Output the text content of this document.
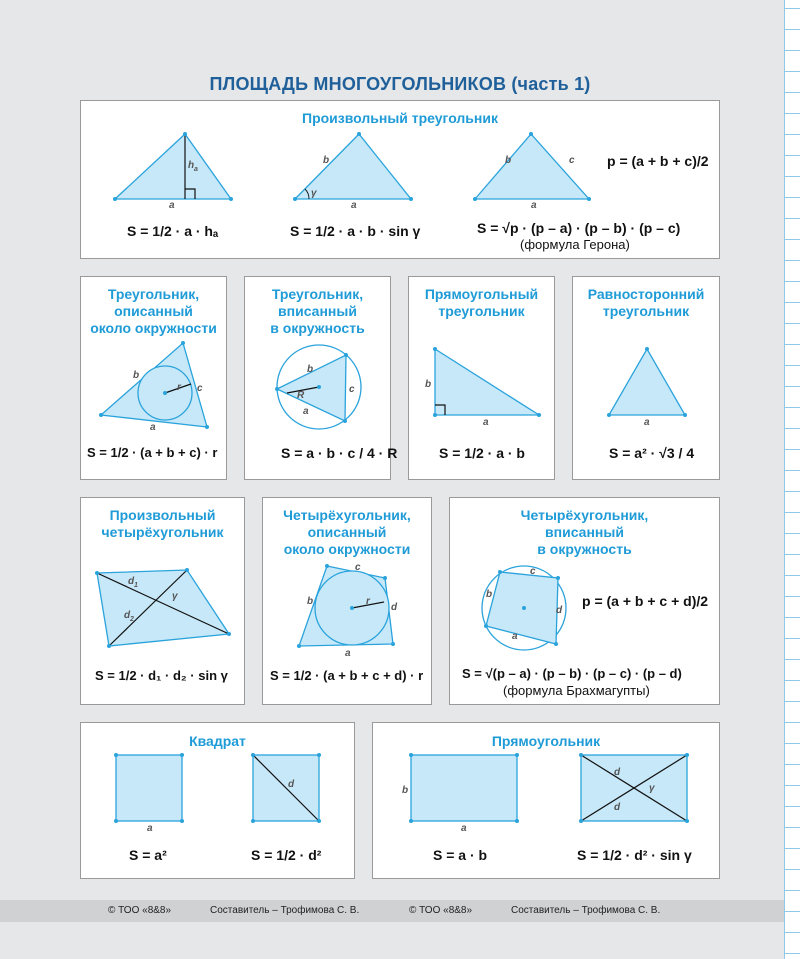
ПЛОЩАДЬ МНОГОУГОЛЬНИКОВ (часть 1)
Произвольный треугольник
a
h a
a
b
γ
a
b	c
S = 1/2 · a · hₐ	S = 1/2 · a · b · sin γ
p = (a + b + c)/2
S = √p · (p – a) · (p – b) · (p – c)
(формула Герона)
Треугольник,
описанный
около окружности
b
r c
a
S = 1/2 · (a + b + c) · r
Треугольник,
вписанный
в окружность
b
R
c
a
S = a · b · c / 4 · R
Прямоугольный
треугольник
b
a
S = 1/2 · a · b
Равносторонний
треугольник
a
S = a² · √3 / 4
Произвольный
четырёхугольник
d 1
d 2
γ
S = 1/2 · d₁ · d₂ · sin γ
Четырёхугольник,
описанный
около окружности
c
b	r
d
a
S = 1/2 · (a + b + c + d) · r
Четырёхугольник,
вписанный
в окружность
c
b
d
a
p = (a + b + c + d)/2
S = √(p – a) · (p – b) · (p – c) · (p – d)
(формула Брахмагупты)
Квадрат
a
d
S = a²	S = 1/2 · d²
Прямоугольник
a
b
d
d
γ
S = a · b	S = 1/2 · d² · sin γ
© ТОО «8&8»	Составитель – Трофимова С. В.	© ТОО «8&8»	Составитель – Трофимова С. В.
